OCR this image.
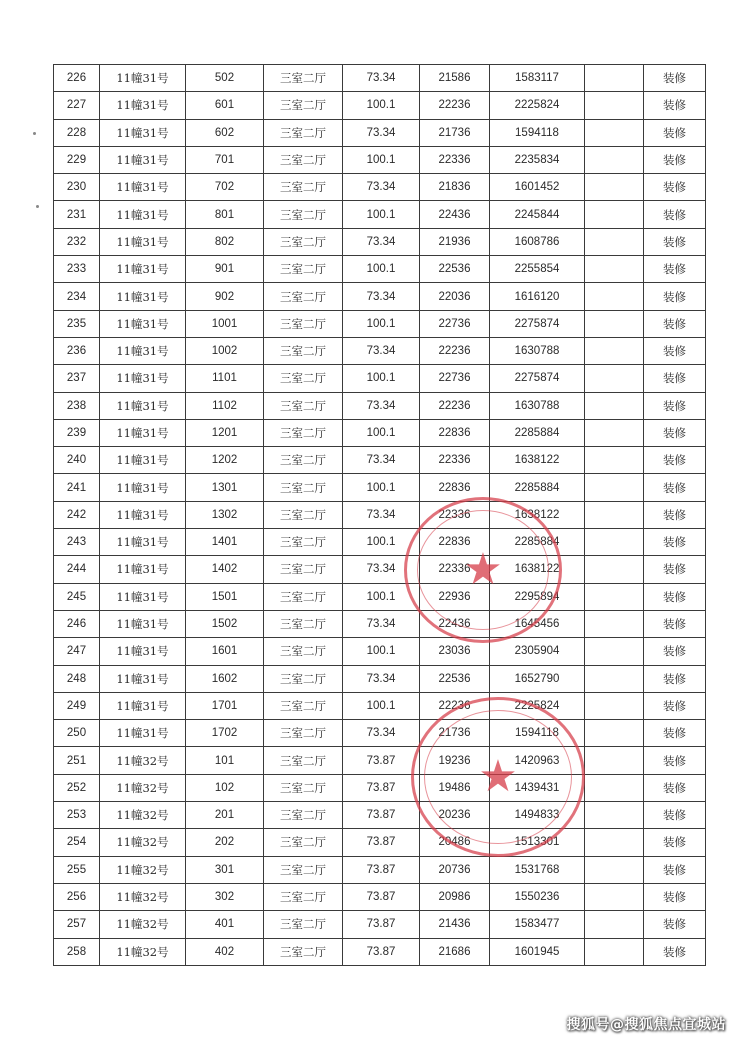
226	11幢31号	502	三室二厅	73.34	21586	1583117		装修
227	11幢31号	601	三室二厅	100.1	22236	2225824		装修
228	11幢31号	602	三室二厅	73.34	21736	1594118		装修
229	11幢31号	701	三室二厅	100.1	22336	2235834		装修
230	11幢31号	702	三室二厅	73.34	21836	1601452		装修
231	11幢31号	801	三室二厅	100.1	22436	2245844		装修
232	11幢31号	802	三室二厅	73.34	21936	1608786		装修
233	11幢31号	901	三室二厅	100.1	22536	2255854		装修
234	11幢31号	902	三室二厅	73.34	22036	1616120		装修
235	11幢31号	1001	三室二厅	100.1	22736	2275874		装修
236	11幢31号	1002	三室二厅	73.34	22236	1630788		装修
237	11幢31号	1101	三室二厅	100.1	22736	2275874		装修
238	11幢31号	1102	三室二厅	73.34	22236	1630788		装修
239	11幢31号	1201	三室二厅	100.1	22836	2285884		装修
240	11幢31号	1202	三室二厅	73.34	22336	1638122		装修
241	11幢31号	1301	三室二厅	100.1	22836	2285884		装修
242	11幢31号	1302	三室二厅	73.34	22336	1638122		装修
243	11幢31号	1401	三室二厅	100.1	22836	2285884		装修
244	11幢31号	1402	三室二厅	73.34	22336	1638122		装修
245	11幢31号	1501	三室二厅	100.1	22936	2295894		装修
246	11幢31号	1502	三室二厅	73.34	22436	1645456		装修
247	11幢31号	1601	三室二厅	100.1	23036	2305904		装修
248	11幢31号	1602	三室二厅	73.34	22536	1652790		装修
249	11幢31号	1701	三室二厅	100.1	22236	2225824		装修
250	11幢31号	1702	三室二厅	73.34	21736	1594118		装修
251	11幢32号	101	三室二厅	73.87	19236	1420963		装修
252	11幢32号	102	三室二厅	73.87	19486	1439431		装修
253	11幢32号	201	三室二厅	73.87	20236	1494833		装修
254	11幢32号	202	三室二厅	73.87	20486	1513301		装修
255	11幢32号	301	三室二厅	73.87	20736	1531768		装修
256	11幢32号	302	三室二厅	73.87	20986	1550236		装修
257	11幢32号	401	三室二厅	73.87	21436	1583477		装修
258	11幢32号	402	三室二厅	73.87	21686	1601945		装修
★
★
搜狐号@搜狐焦点宜城站
